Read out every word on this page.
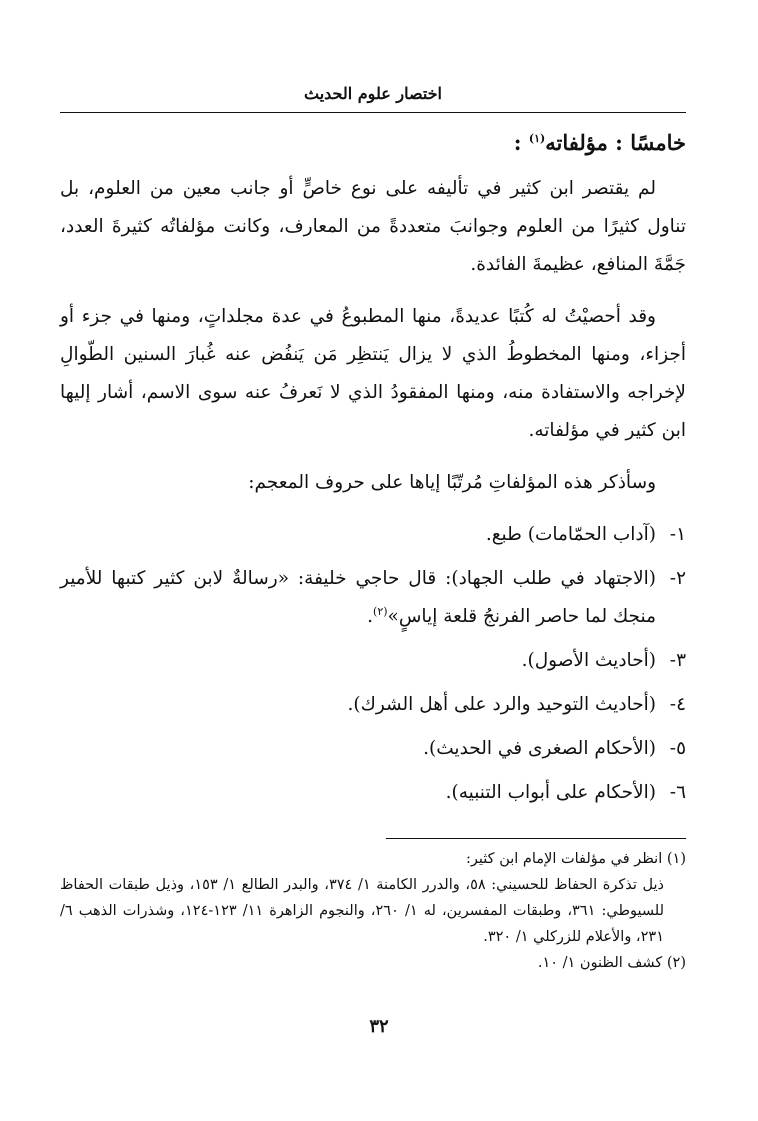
اختصار علوم الحديث
خامسًا : مؤلفاته$^{(١)}$ :

لم يقتصر ابن كثير في تأليفه على نوع خاصٍّ أو جانب معين من العلوم، بل تناول كثيرًا من العلوم وجوانبَ متعددةً من المعارف، وكانت مؤلفاتُه كثيرةَ العدد، جَمَّةَ المنافع، عظيمةَ الفائدة.

وقد أحصيْتُ له كُتبًا عديدةً، منها المطبوعُ في عدة مجلداتٍ، ومنها في جزء أو أجزاء، ومنها المخطوطُ الذي لا يزال يَنتظِر مَن يَنفُض عنه غُبارَ السنين الطّوالِ لإخراجه والاستفادة منه، ومنها المفقودُ الذي لا نَعرفُ عنه سوى الاسم، أشار إليها ابن كثير في مؤلفاته.

وسأذكر هذه المؤلفاتِ مُرتّبًا إياها على حروف المعجم:

١-(آداب الحمّامات) طبع.
٢-(الاجتهاد في طلب الجهاد): قال حاجي خليفة: «رسالةٌ لابن كثير كتبها للأمير منجك لما حاصر الفرنجُ قلعة إياسٍ»$^{(٢)}$.
٣-(أحاديث الأصول).
٤-(أحاديث التوحيد والرد على أهل الشرك).
٥-(الأحكام الصغرى في الحديث).
٦-(الأحكام على أبواب التنبيه).

(١) انظر في مؤلفات الإمام ابن كثير:

ذيل تذكرة الحفاظ للحسيني: ٥٨، والدرر الكامنة ١/ ٣٧٤، والبدر الطالع ١/ ١٥٣، وذيل طبقات الحفاظ للسيوطي: ٣٦١، وطبقات المفسرين، له ١/ ٢٦٠، والنجوم الزاهرة ١١/ ١٢٣-١٢٤، وشذرات الذهب ٦/ ٢٣١، والأعلام للزركلي ١/ ٣٢٠.

(٢) كشف الظنون ١/ ١٠.

٣٢
